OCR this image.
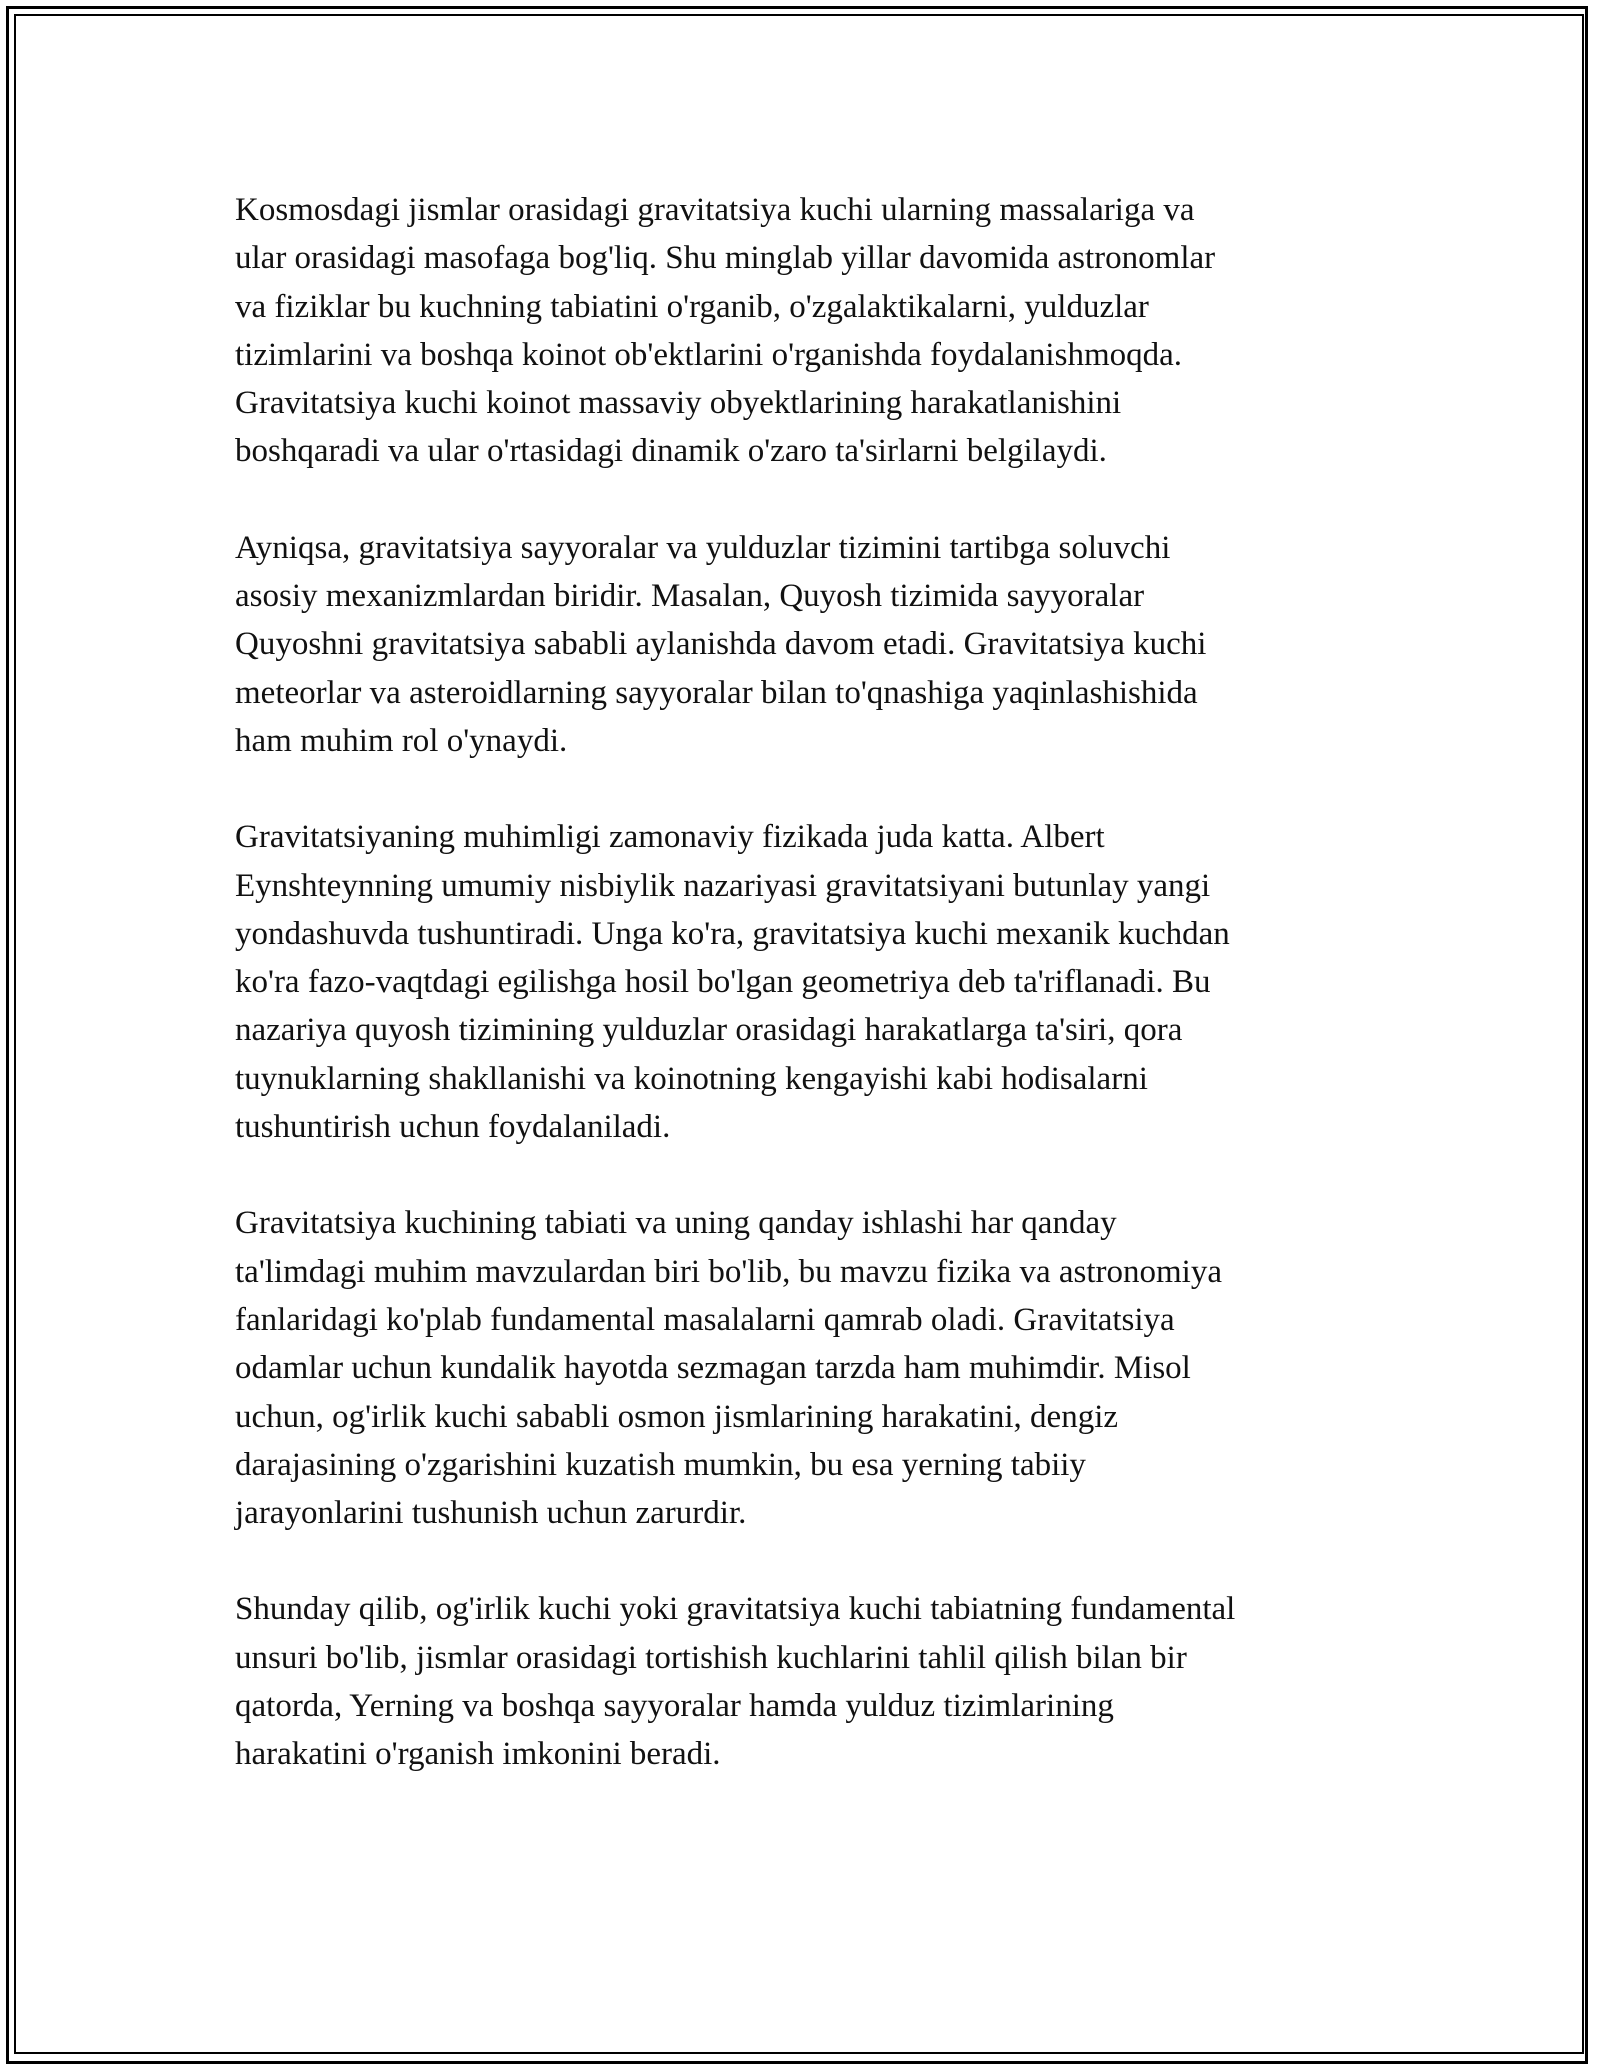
Kosmosdagi jismlar orasidagi gravitatsiya kuchi ularning massalariga va
ular orasidagi masofaga bog'liq. Shu minglab yillar davomida astronomlar
va fiziklar bu kuchning tabiatini o'rganib, o'zgalaktikalarni, yulduzlar
tizimlarini va boshqa koinot ob'ektlarini o'rganishda foydalanishmoqda.
Gravitatsiya kuchi koinot massaviy obyektlarining harakatlanishini
boshqaradi va ular o'rtasidagi dinamik o'zaro ta'sirlarni belgilaydi.

Ayniqsa, gravitatsiya sayyoralar va yulduzlar tizimini tartibga soluvchi
asosiy mexanizmlardan biridir. Masalan, Quyosh tizimida sayyoralar
Quyoshni gravitatsiya sababli aylanishda davom etadi. Gravitatsiya kuchi
meteorlar va asteroidlarning sayyoralar bilan to'qnashiga yaqinlashishida
ham muhim rol o'ynaydi.

Gravitatsiyaning muhimligi zamonaviy fizikada juda katta. Albert
Eynshteynning umumiy nisbiylik nazariyasi gravitatsiyani butunlay yangi
yondashuvda tushuntiradi. Unga ko'ra, gravitatsiya kuchi mexanik kuchdan
ko'ra fazo-vaqtdagi egilishga hosil bo'lgan geometriya deb ta'riflanadi. Bu
nazariya quyosh tizimining yulduzlar orasidagi harakatlarga ta'siri, qora
tuynuklarning shakllanishi va koinotning kengayishi kabi hodisalarni
tushuntirish uchun foydalaniladi.

Gravitatsiya kuchining tabiati va uning qanday ishlashi har qanday
ta'limdagi muhim mavzulardan biri bo'lib, bu mavzu fizika va astronomiya
fanlaridagi ko'plab fundamental masalalarni qamrab oladi. Gravitatsiya
odamlar uchun kundalik hayotda sezmagan tarzda ham muhimdir. Misol
uchun, og'irlik kuchi sababli osmon jismlarining harakatini, dengiz
darajasining o'zgarishini kuzatish mumkin, bu esa yerning tabiiy
jarayonlarini tushunish uchun zarurdir.

Shunday qilib, og'irlik kuchi yoki gravitatsiya kuchi tabiatning fundamental
unsuri bo'lib, jismlar orasidagi tortishish kuchlarini tahlil qilish bilan bir
qatorda, Yerning va boshqa sayyoralar hamda yulduz tizimlarining
harakatini o'rganish imkonini beradi.
